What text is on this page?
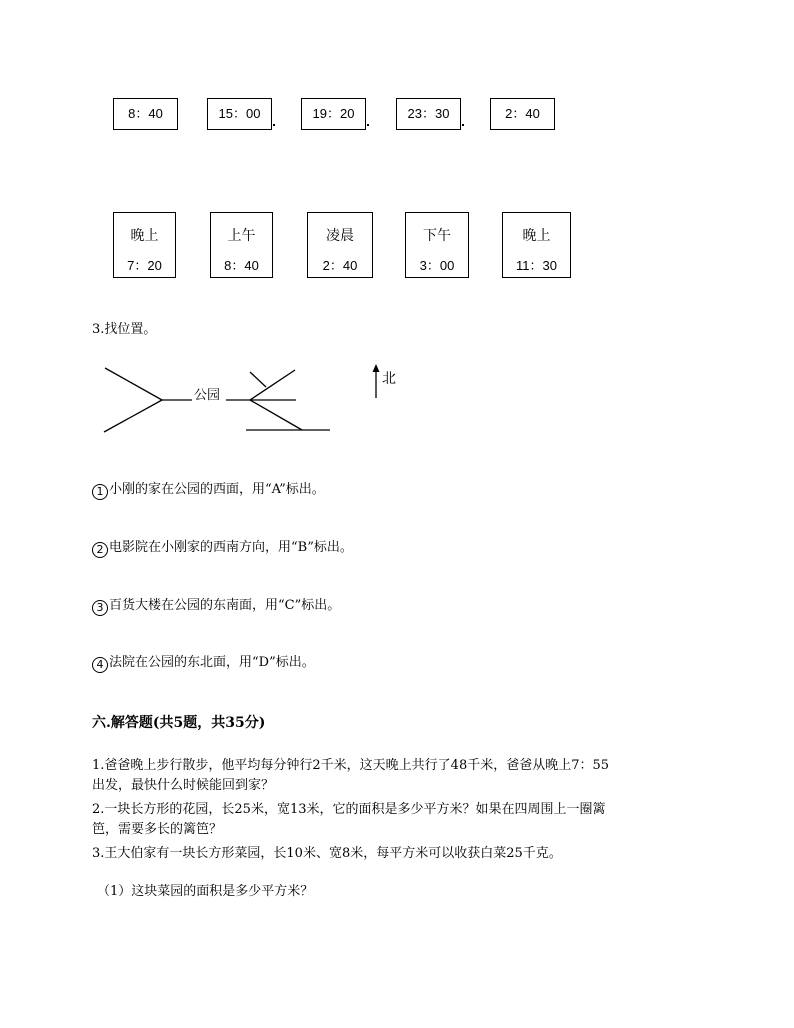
8：40	15：00	19：20	23：30	2：40
晚上
7：20
上午
8：40
凌晨
2：40
下午
3：00
晚上
11：30
3.找位置。
公园
北
1 小刚的家在公园的西面，用“A”标出。
2 电影院在小刚家的西南方向，用“B”标出。
3 百货大楼在公园的东南面，用“C”标出。
4 法院在公园的东北面，用“D”标出。
六.解答题(共5题，共35分)
1.爸爸晚上步行散步，他平均每分钟行2千米，这天晚上共行了48千米，爸爸从晚上7：55
出发，最快什么时候能回到家？
2.一块长方形的花园，长25米，宽13米，它的面积是多少平方米？如果在四周围上一圈篱
笆，需要多长的篱笆？
3.王大伯家有一块长方形菜园，长10米、宽8米，每平方米可以收获白菜25千克。
（1）这块菜园的面积是多少平方米？
